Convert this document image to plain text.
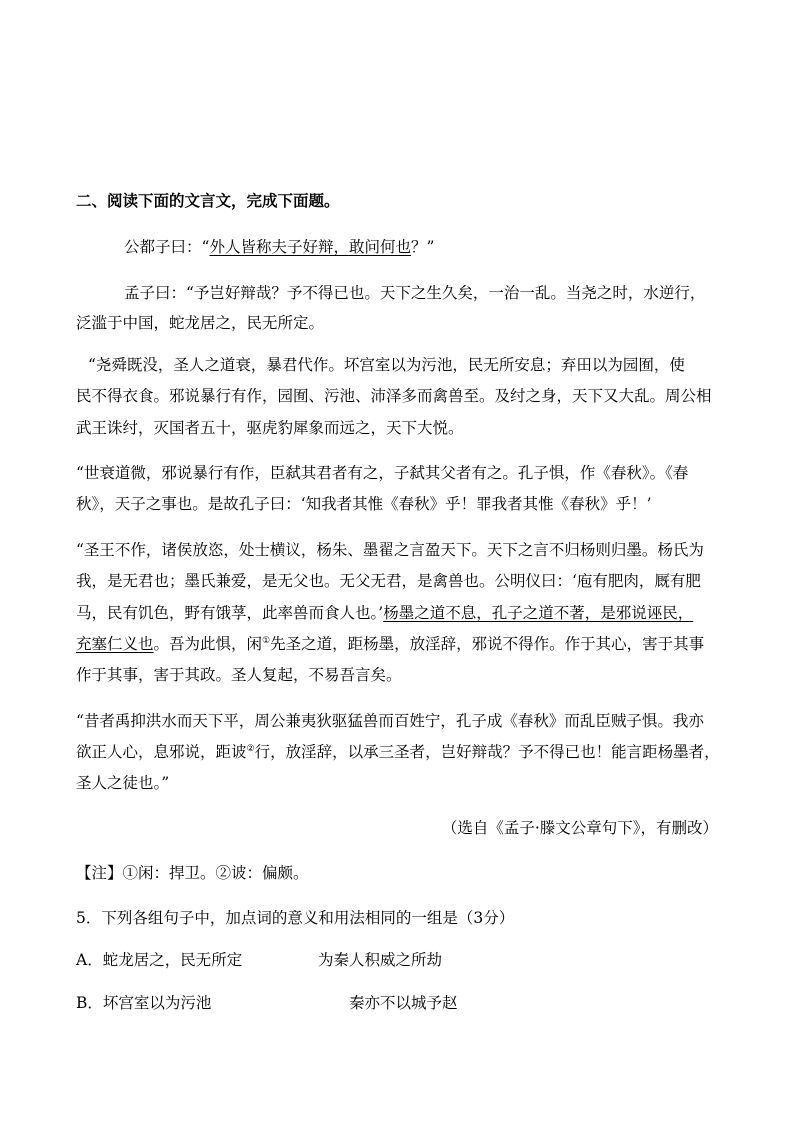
二、阅读下面的文言文，完成下面题。
公都子曰：“外人皆称夫子好辩，敢问何也？”
孟子曰：“予岂好辩哉？予不得已也。天下之生久矣，一治一乱。当尧之时，水逆行，
泛滥于中国，蛇龙居之，民无所定。
“尧舜既没，圣人之道衰，暴君代作。坏宫室以为污池，民无所安息；弃田以为园囿，使
民不得衣食。邪说暴行有作，园囿、污池、沛泽多而禽兽至。及纣之身，天下又大乱。周公相
武王诛纣，灭国者五十，驱虎豹犀象而远之，天下大悦。
“世衰道微，邪说暴行有作，臣弑其君者有之，子弑其父者有之。孔子惧，作《春秋》。《春
秋》，天子之事也。是故孔子曰：‘知我者其惟《春秋》乎！罪我者其惟《春秋》乎！’
“圣王不作，诸侯放恣，处士横议，杨朱、墨翟之言盈天下。天下之言不归杨则归墨。杨氏为
我，是无君也；墨氏兼爱，是无父也。无父无君，是禽兽也。公明仪曰：‘庖有肥肉，厩有肥
马，民有饥色，野有饿莩，此率兽而食人也。’杨墨之道不息，孔子之道不著，是邪说诬民，
充塞仁义也。吾为此惧，闲①先圣之道，距杨墨，放淫辞，邪说不得作。作于其心，害于其事
作于其事，害于其政。圣人复起，不易吾言矣。
“昔者禹抑洪水而天下平，周公兼夷狄驱猛兽而百姓宁，孔子成《春秋》而乱臣贼子惧。我亦
欲正人心，息邪说，距诐②行，放淫辞，以承三圣者，岂好辩哉？予不得已也！能言距杨墨者，
圣人之徒也。”
（选自《孟子·滕文公章句下》，有删改）
【注】①闲：捍卫。②诐：偏颇。
5．下列各组句子中，加点词的意义和用法相同的一组是（3分）
A．蛇龙居之，民无所定	为秦人积威之所劫
B．坏宫室以为污池	秦亦不以城予赵
